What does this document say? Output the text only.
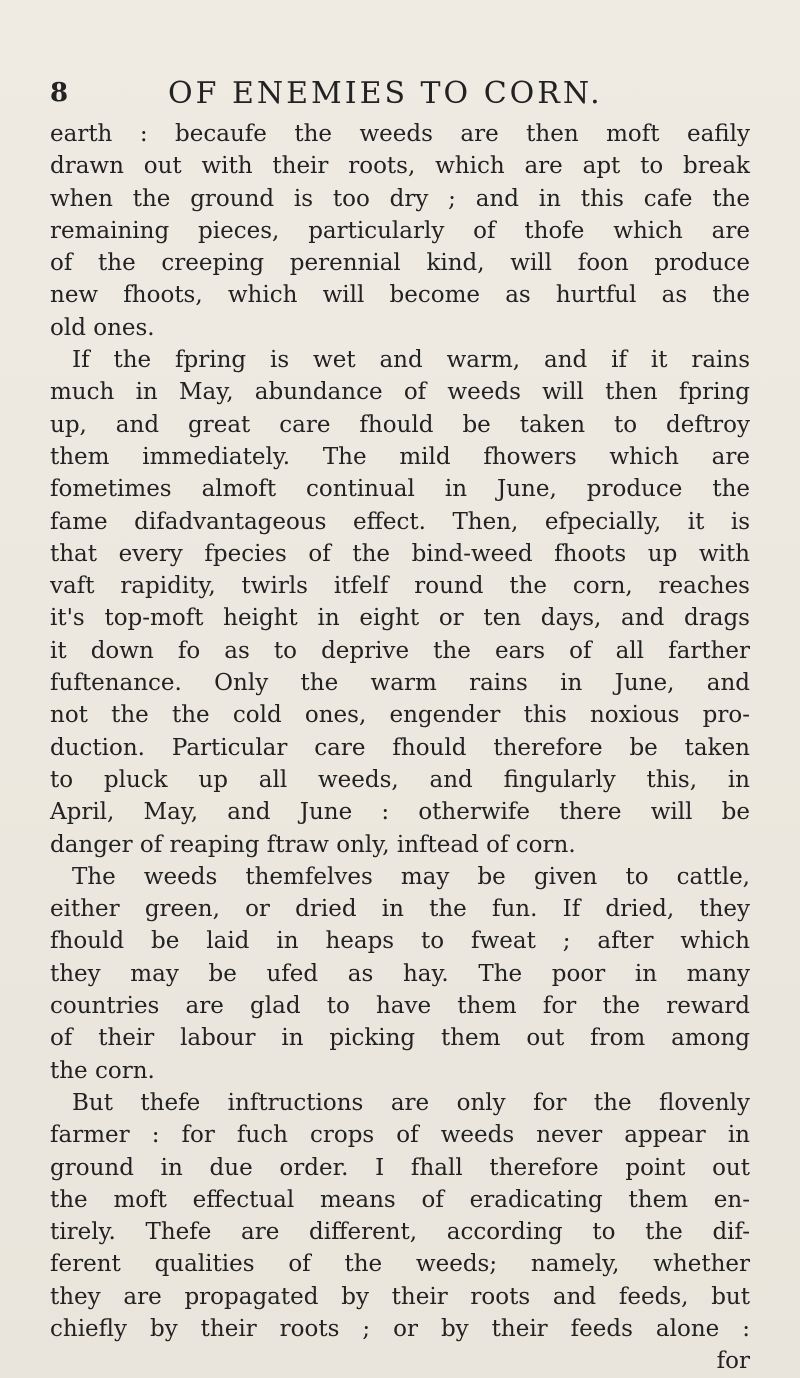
8	OF ENEMIES TO CORN.
earth : becaufe the weeds are then moft eafily
drawn out with their roots, which are apt to break
when the ground is too dry ; and in this cafe the
remaining pieces, particularly of thofe which are
of the creeping perennial kind, will foon produce
new fhoots, which will become as hurtful as the
old ones.
If the fpring is wet and warm, and if it rains
much in May, abundance of weeds will then fpring
up, and great care fhould be taken to deftroy
them immediately. The mild fhowers which are
fometimes almoft continual in June, produce the
fame difadvantageous effect. Then, efpecially, it is
that every fpecies of the bind-weed fhoots up with
vaft rapidity, twirls itfelf round the corn, reaches
it's top-moft height in eight or ten days, and drags
it down fo as to deprive the ears of all farther
fuftenance. Only the warm rains in June, and
not the the cold ones, engender this noxious pro-
duction. Particular care fhould therefore be taken
to pluck up all weeds, and fingularly this, in
April, May, and June : otherwife there will be
danger of reaping ftraw only, inftead of corn.
The weeds themfelves may be given to cattle,
either green, or dried in the fun. If dried, they
fhould be laid in heaps to fweat ; after which
they may be ufed as hay. The poor in many
countries are glad to have them for the reward
of their labour in picking them out from among
the corn.
But thefe inftructions are only for the flovenly
farmer : for fuch crops of weeds never appear in
ground in due order. I fhall therefore point out
the moft effectual means of eradicating them en-
tirely. Thefe are different, according to the dif-
ferent qualities of the weeds; namely, whether
they are propagated by their roots and feeds, but
chiefly by their roots ; or by their feeds alone :
for
